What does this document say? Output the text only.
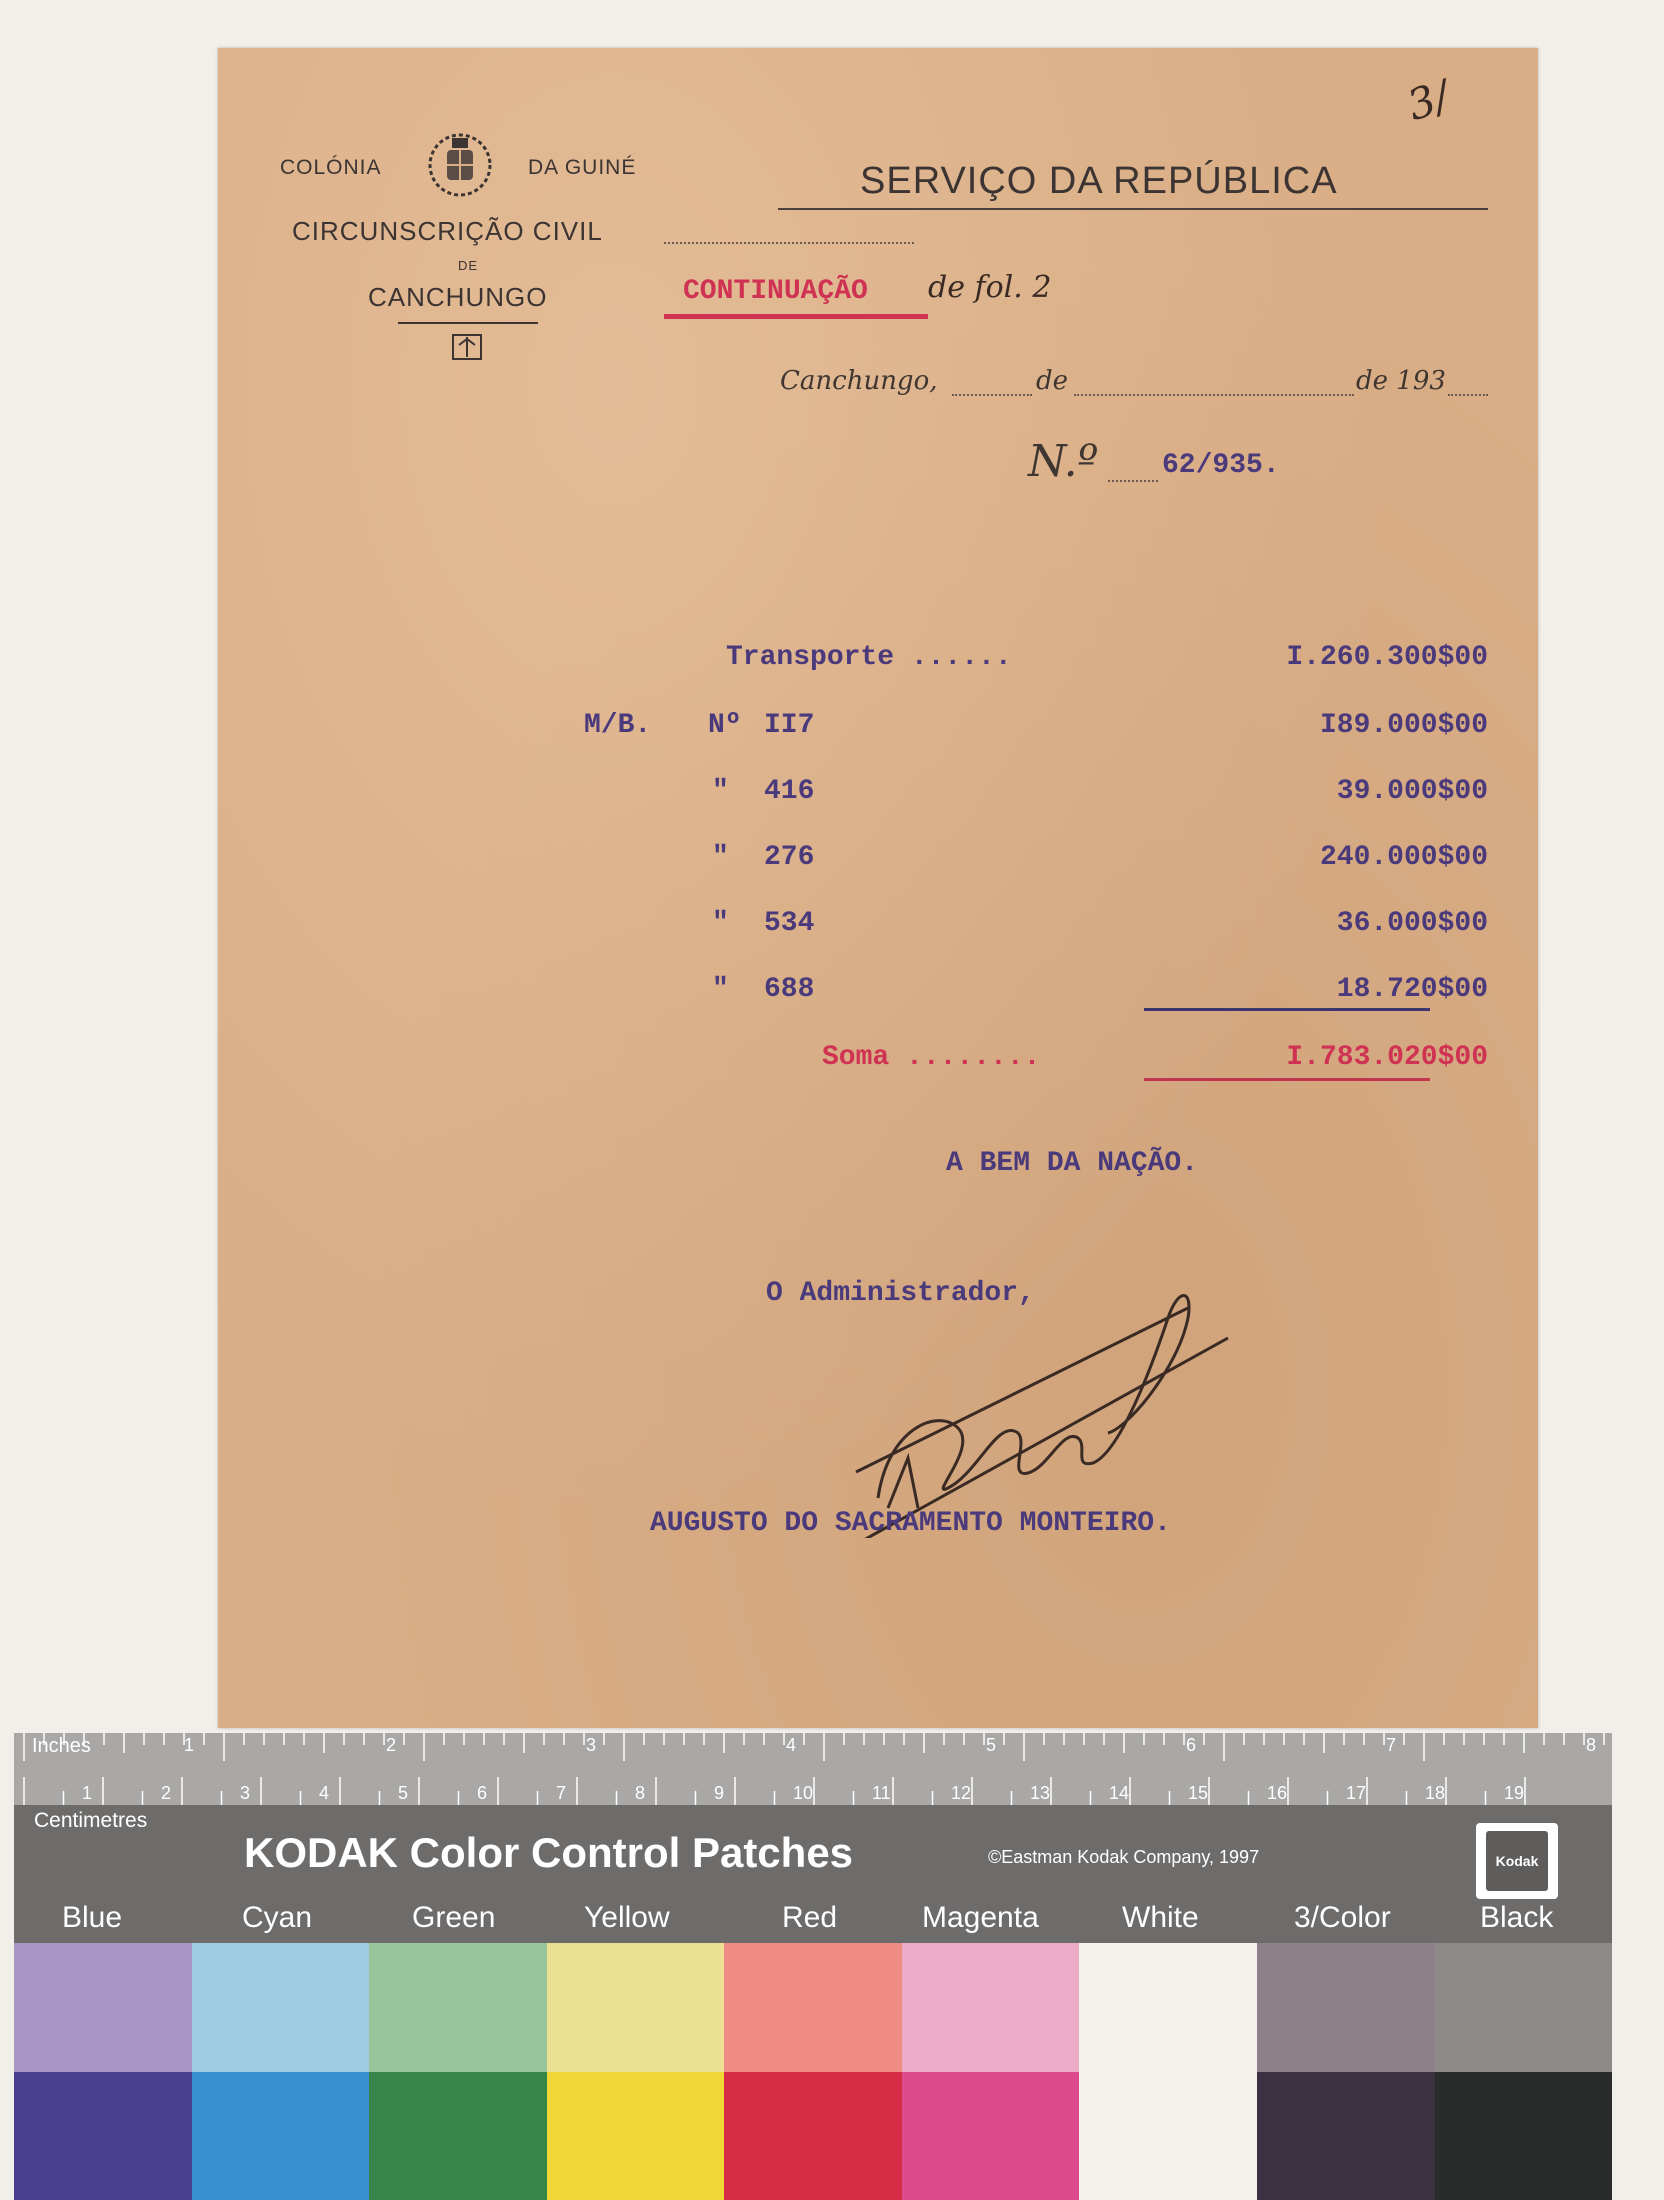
COLÓNIA	DA GUINÉ
CIRCUNSCRIÇÃO CIVIL
DE
CANCHUNGO
SERVIÇO DA REPÚBLICA
3/
CONTINUAÇÃO de fol. 2
Canchungo,	de	de 193
N.º 62/935.
Transporte ......	I.260.300$00
M/B. Nº II7	I89.000$00
" 416	39.000$00
" 276	240.000$00
" 534	36.000$00
" 688	18.720$00
Soma ........	I.783.020$00
A BEM DA NAÇÃO.
O Administrador,
AUGUSTO DO SACRAMENTO MONTEIRO.
Inches	1	2	3	4	5	6	7	8
1	2	3	4	5	6	7	8	9	10	11	12	13	14	15	16	17	18	19
Centimetres
KODAK Color Control Patches	©Eastman Kodak Company, 1997	Kodak
Blue	Cyan	Green	Yellow	Red	Magenta	White	3/Color	Black
